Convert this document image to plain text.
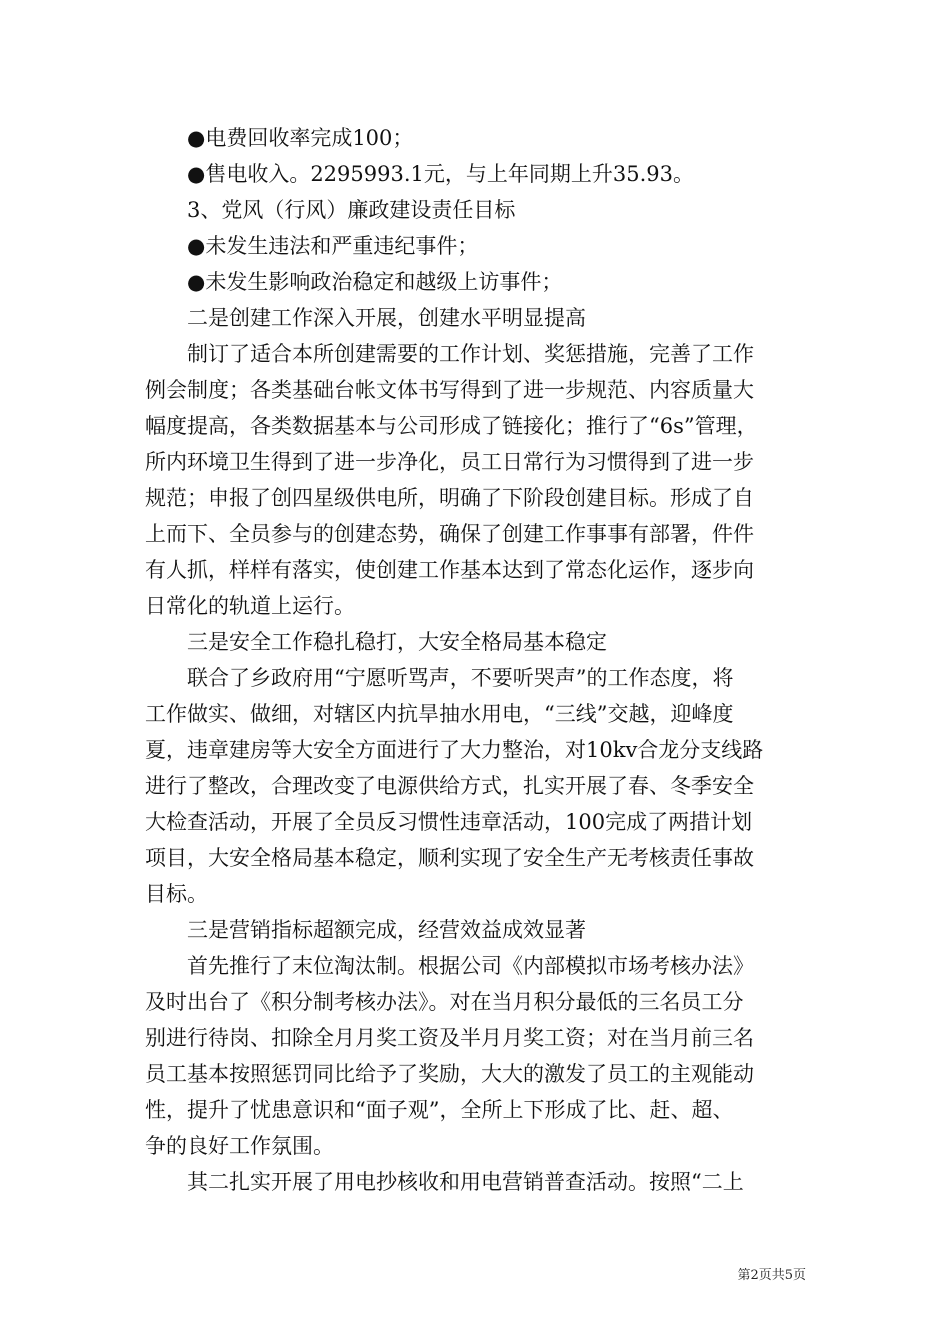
　　●电费回收率完成100；
　　●售电收入。2295993.1元，与上年同期上升35.93。
　　3、党风（行风）廉政建设责任目标
　　●未发生违法和严重违纪事件；
　　●未发生影响政治稳定和越级上访事件；
　　二是创建工作深入开展，创建水平明显提高
　　制订了适合本所创建需要的工作计划、奖惩措施，完善了工作
例会制度；各类基础台帐文体书写得到了进一步规范、内容质量大
幅度提高，各类数据基本与公司形成了链接化；推行了“6s”管理，
所内环境卫生得到了进一步净化，员工日常行为习惯得到了进一步
规范；申报了创四星级供电所，明确了下阶段创建目标。形成了自
上而下、全员参与的创建态势，确保了创建工作事事有部署，件件
有人抓，样样有落实，使创建工作基本达到了常态化运作，逐步向
日常化的轨道上运行。
　　三是安全工作稳扎稳打，大安全格局基本稳定
　　联合了乡政府用“宁愿听骂声，不要听哭声”的工作态度，将
工作做实、做细，对辖区内抗旱抽水用电，“三线”交越，迎峰度
夏，违章建房等大安全方面进行了大力整治，对10kv合龙分支线路
进行了整改，合理改变了电源供给方式，扎实开展了春、冬季安全
大检查活动，开展了全员反习惯性违章活动，100完成了两措计划
项目，大安全格局基本稳定，顺利实现了安全生产无考核责任事故
目标。
　　三是营销指标超额完成，经营效益成效显著
　　首先推行了末位淘汰制。根据公司《内部模拟市场考核办法》
及时出台了《积分制考核办法》。对在当月积分最低的三名员工分
别进行待岗、扣除全月月奖工资及半月月奖工资；对在当月前三名
员工基本按照惩罚同比给予了奖励，大大的激发了员工的主观能动
性，提升了忧患意识和“面子观”，全所上下形成了比、赶、超、
争的良好工作氛围。
　　其二扎实开展了用电抄核收和用电营销普查活动。按照“二上
第2页共5页
